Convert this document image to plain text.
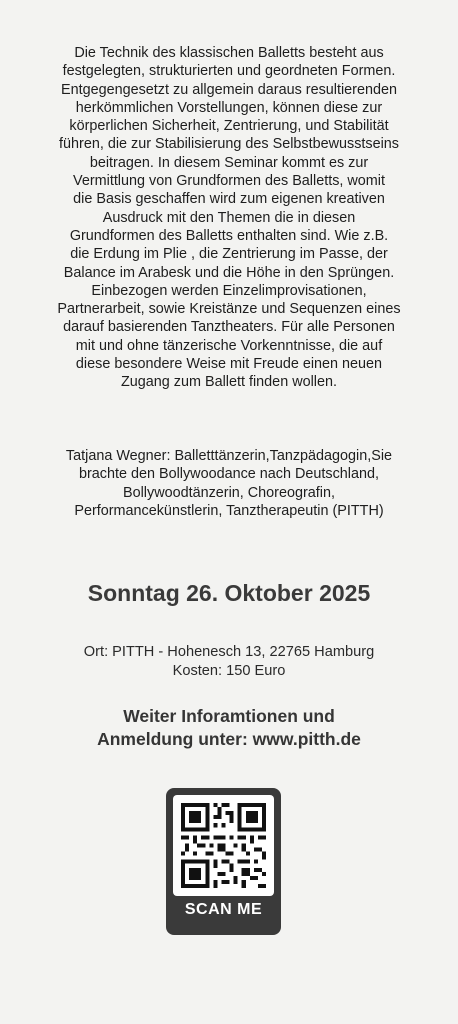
Die Technik des klassischen Balletts besteht aus
festgelegten, strukturierten und geordneten Formen.
Entgegengesetzt zu allgemein daraus resultierenden
herkömmlichen Vorstellungen, können diese zur
körperlichen Sicherheit, Zentrierung, und Stabilität
führen, die zur Stabilisierung des Selbstbewusstseins
beitragen. In diesem Seminar kommt es zur
Vermittlung von Grundformen des Balletts, womit
die Basis geschaffen wird zum eigenen kreativen
Ausdruck mit den Themen die in diesen
Grundformen des Balletts enthalten sind. Wie z.B.
die Erdung im Plie , die Zentrierung im Passe, der
Balance im Arabesk und die Höhe in den Sprüngen.
Einbezogen werden Einzelimprovisationen,
Partnerarbeit, sowie Kreistänze und Sequenzen eines
darauf basierenden Tanztheaters. Für alle Personen
mit und ohne tänzerische Vorkenntnisse, die auf
diese besondere Weise mit Freude einen neuen
Zugang zum Ballett finden wollen.

Tatjana Wegner: Balletttänzerin,Tanzpädagogin,Sie
brachte den Bollywoodance nach Deutschland,
Bollywoodtänzerin, Choreografin,
Performancekünstlerin, Tanztherapeutin (PITTH)

Sonntag 26. Oktober 2025
Ort: PITTH - Hohenesch 13, 22765 Hamburg
Kosten: 150 Euro
Weiter Inforamtionen und
Anmeldung unter: www.pitth.de
SCAN ME
